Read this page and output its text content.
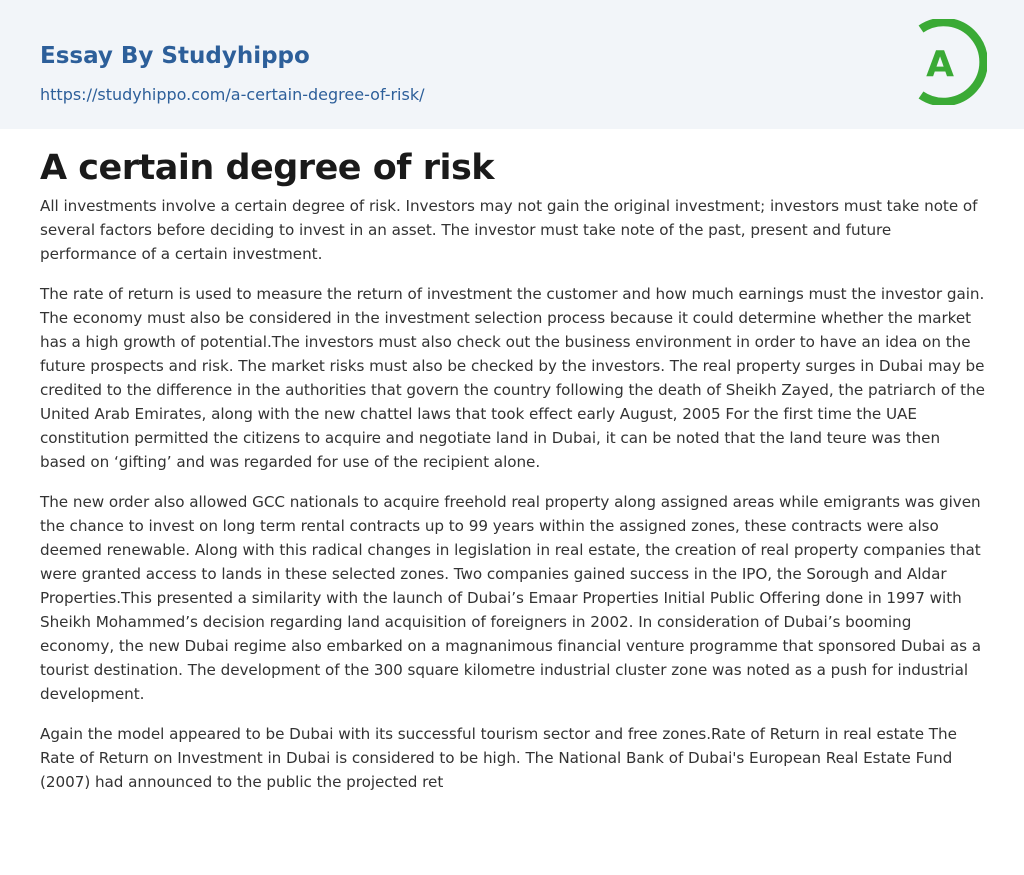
Essay By Studyhippo
https://studyhippo.com/a-certain-degree-of-risk/
A
A certain degree of risk

All investments involve a certain degree of risk. Investors may not gain the original investment; investors must take note of several factors before deciding to invest in an asset. The investor must take note of the past, present and future performance of a certain investment.

The rate of return is used to measure the return of investment the customer and how much earnings must the investor gain. The economy must also be considered in the investment selection process because it could determine whether the market has a high growth of potential.The investors must also check out the business environment in order to have an idea on the future prospects and risk. The market risks must also be checked by the investors. The real property surges in Dubai may be credited to the difference in the authorities that govern the country following the death of Sheikh Zayed, the patriarch of the United Arab Emirates, along with the new chattel laws that took effect early August, 2005 For the first time the UAE constitution permitted the citizens to acquire and negotiate land in Dubai, it can be noted that the land teure was then based on ‘gifting’ and was regarded for use of the recipient alone.

The new order also allowed GCC nationals to acquire freehold real property along assigned areas while emigrants was given the chance to invest on long term rental contracts up to 99 years within the assigned zones, these contracts were also deemed renewable. Along with this radical changes in legislation in real estate, the creation of real property companies that were granted access to lands in these selected zones. Two companies gained success in the IPO, the Sorough and Aldar Properties.This presented a similarity with the launch of Dubai’s Emaar Properties Initial Public Offering done in 1997 with Sheikh Mohammed’s decision regarding land acquisition of foreigners in 2002. In consideration of Dubai’s booming economy, the new Dubai regime also embarked on a magnanimous financial venture programme that sponsored Dubai as a tourist destination. The development of the 300 square kilometre industrial cluster zone was noted as a push for industrial development.

Again the model appeared to be Dubai with its successful tourism sector and free zones.Rate of Return in real estate The Rate of Return on Investment in Dubai is considered to be high. The National Bank of Dubai's European Real Estate Fund (2007) had announced to the public the projected ret
